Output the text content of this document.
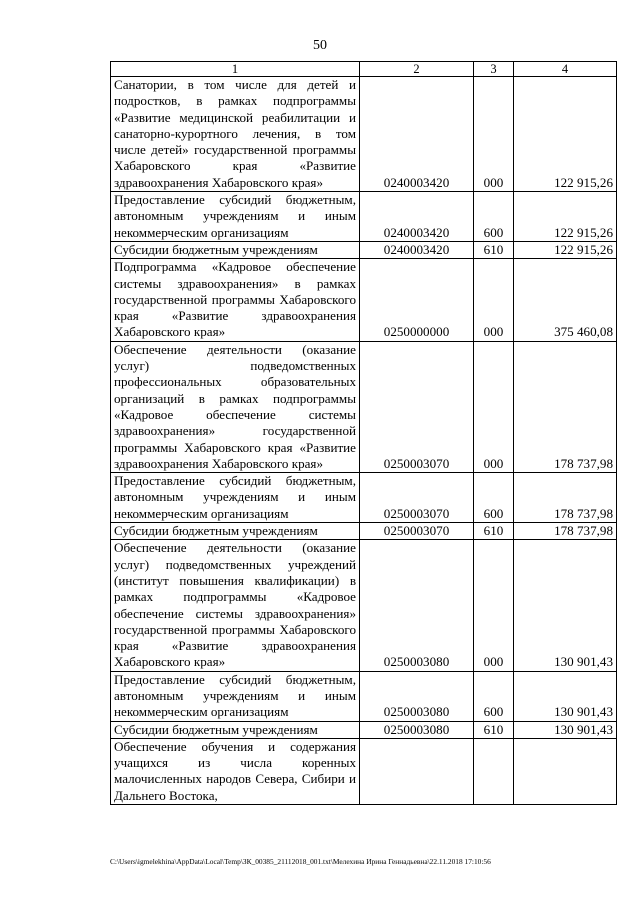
50
1	2	3	4
Санатории, в том числе для детей и подростков, в рамках подпрограммы «Развитие медицинской реабилитации и санаторно-курортного лечения, в том числе детей» государственной программы Хабаровского края «Развитие здравоохранения Хабаровского края»	0240003420	000	122 915,26
Предоставление субсидий бюджетным, автономным учреждениям и иным некоммерческим организациям	0240003420	600	122 915,26
Субсидии бюджетным учреждениям	0240003420	610	122 915,26
Подпрограмма «Кадровое обеспечение системы здравоохранения» в рамках государственной программы Хабаровского края «Развитие здравоохранения Хабаровского края»	0250000000	000	375 460,08
Обеспечение деятельности (оказание услуг) подведомственных профессиональных образовательных организаций в рамках подпрограммы «Кадровое обеспечение системы здравоохранения» государственной программы Хабаровского края «Развитие здравоохранения Хабаровского края»	0250003070	000	178 737,98
Предоставление субсидий бюджетным, автономным учреждениям и иным некоммерческим организациям	0250003070	600	178 737,98
Субсидии бюджетным учреждениям	0250003070	610	178 737,98
Обеспечение деятельности (оказание услуг) подведомственных учреждений (институт повышения квалификации) в рамках подпрограммы «Кадровое обеспечение системы здравоохранения» государственной программы Хабаровского края «Развитие здравоохранения Хабаровского края»	0250003080	000	130 901,43
Предоставление субсидий бюджетным, автономным учреждениям и иным некоммерческим организациям	0250003080	600	130 901,43
Субсидии бюджетным учреждениям	0250003080	610	130 901,43
Обеспечение обучения и содержания учащихся из числа коренных малочисленных народов Севера, Сибири и Дальнего Востока,			
C:\Users\igmelekhina\AppData\Local\Temp\ЗК_00385_21112018_001.txt\Мелехина Ирина Геннадьевна\22.11.2018 17:10:56
